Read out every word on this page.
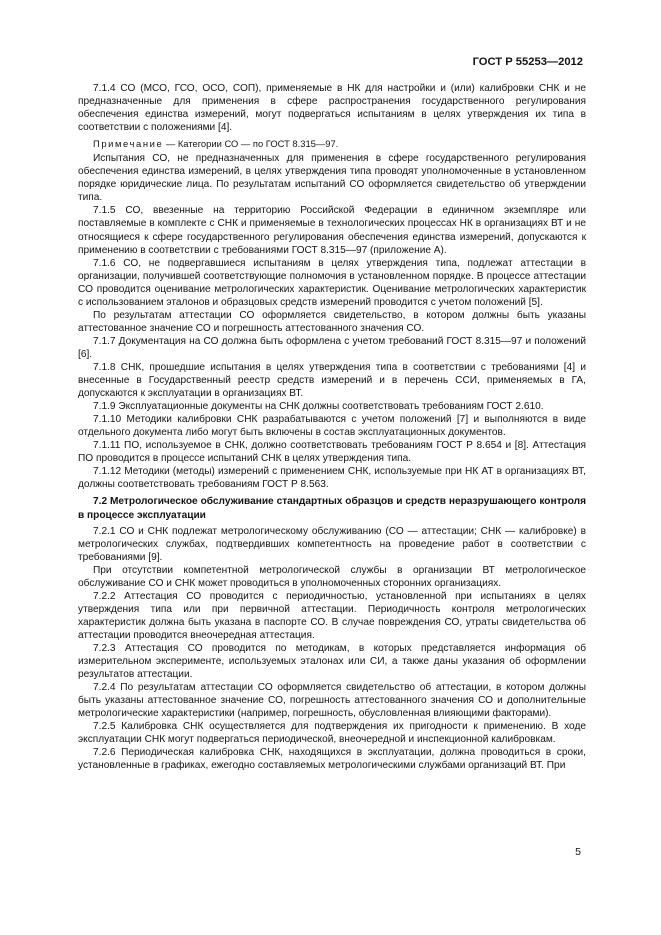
ГОСТ Р 55253—2012

7.1.4 СО (МСО, ГСО, ОСО, СОП), применяемые в НК для настройки и (или) калибровки СНК и не предназначенные для применения в сфере распространения государственного регулирования обеспечения единства измерений, могут подвергаться испытаниям в целях утверждения их типа в соответствии с положениями [4].

Примечание — Категории СО — по ГОСТ 8.315—97.

Испытания СО, не предназначенных для применения в сфере государственного регулирования обеспечения единства измерений, в целях утверждения типа проводят уполномоченные в установленном порядке юридические лица. По результатам испытаний СО оформляется свидетельство об утверждении типа.

7.1.5 СО, ввезенные на территорию Российской Федерации в единичном экземпляре или поставляемые в комплекте с СНК и применяемые в технологических процессах НК в организациях ВТ и не относящиеся к сфере государственного регулирования обеспечения единства измерений, допускаются к применению в соответствии с требованиями ГОСТ 8.315—97 (приложение А).

7.1.6 СО, не подвергавшиеся испытаниям в целях утверждения типа, подлежат аттестации в организации, получившей соответствующие полномочия в установленном порядке. В процессе аттестации СО проводится оценивание метрологических характеристик. Оценивание метрологических характеристик с использованием эталонов и образцовых средств измерений проводится с учетом положений [5].

По результатам аттестации СО оформляется свидетельство, в котором должны быть указаны аттестованное значение СО и погрешность аттестованного значения СО.

7.1.7 Документация на СО должна быть оформлена с учетом требований ГОСТ 8.315—97 и положений [6].

7.1.8 СНК, прошедшие испытания в целях утверждения типа в соответствии с требованиями [4] и внесенные в Государственный реестр средств измерений и в перечень ССИ, применяемых в ГА, допускаются к эксплуатации в организациях ВТ.

7.1.9 Эксплуатационные документы на СНК должны соответствовать требованиям ГОСТ 2.610.

7.1.10 Методики калибровки СНК разрабатываются с учетом положений [7] и выполняются в виде отдельного документа либо могут быть включены в состав эксплуатационных документов.

7.1.11 ПО, используемое в СНК, должно соответствовать требованиям ГОСТ Р 8.654 и [8]. Аттестация ПО проводится в процессе испытаний СНК в целях утверждения типа.

7.1.12 Методики (методы) измерений с применением СНК, используемые при НК АТ в организациях ВТ, должны соответствовать требованиям ГОСТ Р 8.563.

7.2 Метрологическое обслуживание стандартных образцов и средств неразрушающего контроля в процессе эксплуатации

7.2.1 СО и СНК подлежат метрологическому обслуживанию (СО — аттестации; СНК — калибровке) в метрологических службах, подтвердивших компетентность на проведение работ в соответствии с требованиями [9].

При отсутствии компетентной метрологической службы в организации ВТ метрологическое обслуживание СО и СНК может проводиться в уполномоченных сторонних организациях.

7.2.2 Аттестация СО проводится с периодичностью, установленной при испытаниях в целях утверждения типа или при первичной аттестации. Периодичность контроля метрологических характеристик должна быть указана в паспорте СО. В случае повреждения СО, утраты свидетельства об аттестации проводится внеочередная аттестация.

7.2.3 Аттестация СО проводится по методикам, в которых представляется информация об измерительном эксперименте, используемых эталонах или СИ, а также даны указания об оформлении результатов аттестации.

7.2.4 По результатам аттестации СО оформляется свидетельство об аттестации, в котором должны быть указаны аттестованное значение СО, погрешность аттестованного значения СО и дополнительные метрологические характеристики (например, погрешность, обусловленная влияющими факторами).

7.2.5 Калибровка СНК осуществляется для подтверждения их пригодности к применению. В ходе эксплуатации СНК могут подвергаться периодической, внеочередной и инспекционной калибровкам.

7.2.6 Периодическая калибровка СНК, находящихся в эксплуатации, должна проводиться в сроки, установленные в графиках, ежегодно составляемых метрологическими службами организаций ВТ. При

5
